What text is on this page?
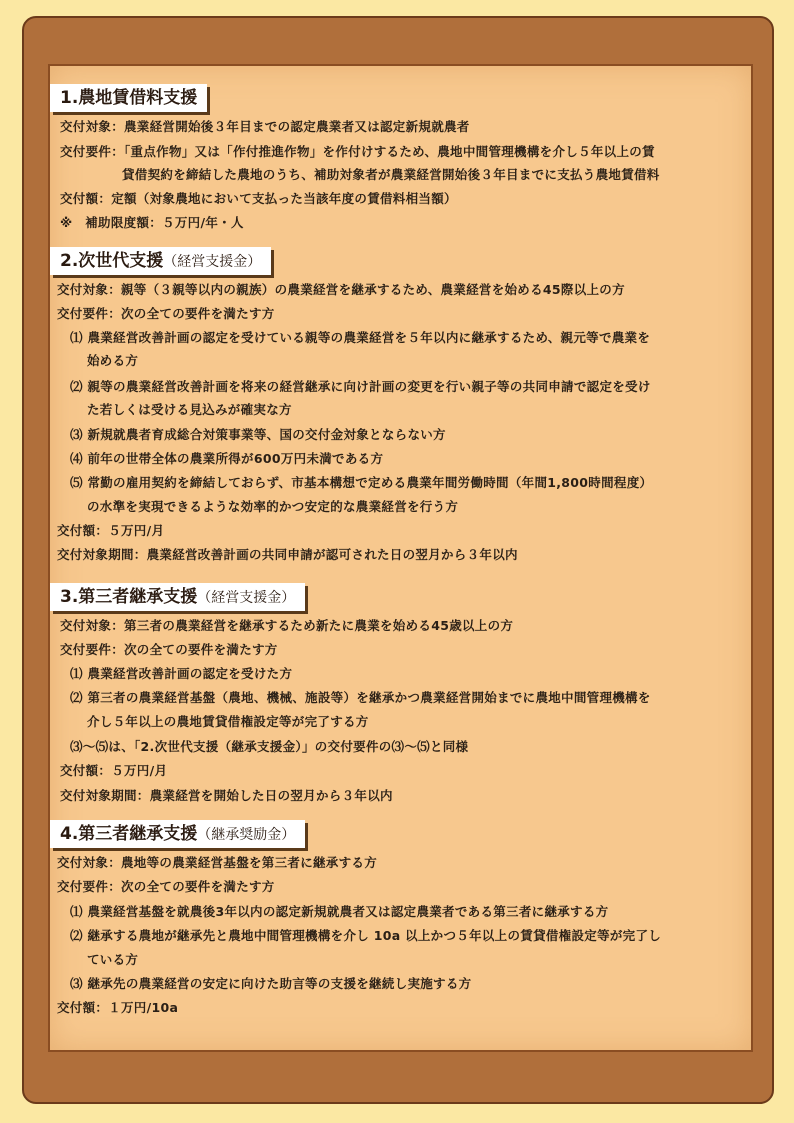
1.農地賃借料支援
交付対象：農業経営開始後３年目までの認定農業者又は認定新規就農者
交付要件：「重点作物」又は「作付推進作物」を作付けするため、農地中間管理機構を介し５年以上の賃
貸借契約を締結した農地のうち、補助対象者が農業経営開始後３年目までに支払う農地賃借料
交付額：定額（対象農地において支払った当該年度の賃借料相当額）
※　補助限度額：５万円/年・人
2.次世代支援（経営支援金）
交付対象：親等（３親等以内の親族）の農業経営を継承するため、農業経営を始める45際以上の方
交付要件：次の全ての要件を満たす方
⑴ 農業経営改善計画の認定を受けている親等の農業経営を５年以内に継承するため、親元等で農業を
始める方
⑵ 親等の農業経営改善計画を将来の経営継承に向け計画の変更を行い親子等の共同申請で認定を受け
た若しくは受ける見込みが確実な方
⑶ 新規就農者育成総合対策事業等、国の交付金対象とならない方
⑷ 前年の世帯全体の農業所得が600万円未満である方
⑸ 常勤の雇用契約を締結しておらず、市基本構想で定める農業年間労働時間（年間1,800時間程度）
の水準を実現できるような効率的かつ安定的な農業経営を行う方
交付額：５万円/月
交付対象期間：農業経営改善計画の共同申請が認可された日の翌月から３年以内
3.第三者継承支援（経営支援金）
交付対象：第三者の農業経営を継承するため新たに農業を始める45歳以上の方
交付要件：次の全ての要件を満たす方
⑴ 農業経営改善計画の認定を受けた方
⑵ 第三者の農業経営基盤（農地、機械、施設等）を継承かつ農業経営開始までに農地中間管理機構を
介し５年以上の農地賃貸借権設定等が完了する方
⑶～⑸は、「2.次世代支援（継承支援金）」の交付要件の⑶～⑸と同様
交付額：５万円/月
交付対象期間：農業経営を開始した日の翌月から３年以内
4.第三者継承支援（継承奨励金）
交付対象：農地等の農業経営基盤を第三者に継承する方
交付要件：次の全ての要件を満たす方
⑴ 農業経営基盤を就農後3年以内の認定新規就農者又は認定農業者である第三者に継承する方
⑵ 継承する農地が継承先と農地中間管理機構を介し 10a 以上かつ５年以上の賃貸借権設定等が完了し
ている方
⑶ 継承先の農業経営の安定に向けた助言等の支援を継続し実施する方
交付額：１万円/10a
